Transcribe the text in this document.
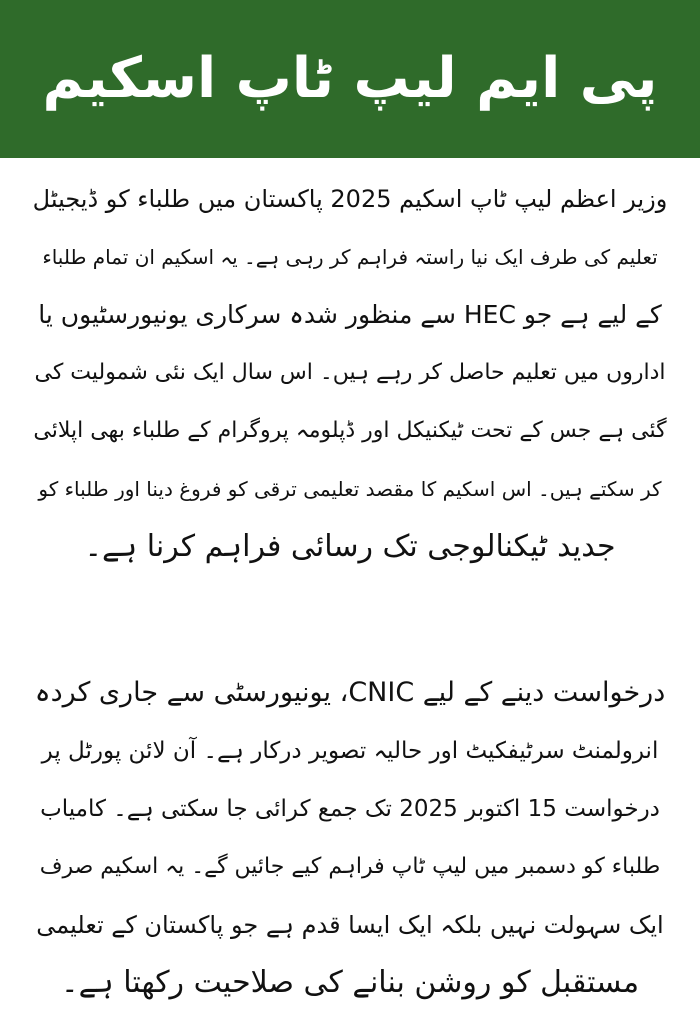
پی ایم لیپ ٹاپ اسکیم
وزیر اعظم لیپ ٹاپ اسکیم 2025 پاکستان میں طلباء کو ڈیجیٹل
تعلیم کی طرف ایک نیا راستہ فراہم کر رہی ہے۔ یہ اسکیم ان تمام طلباء
کے لیے ہے جو HEC سے منظور شدہ سرکاری یونیورسٹیوں یا
اداروں میں تعلیم حاصل کر رہے ہیں۔ اس سال ایک نئی شمولیت کی
گئی ہے جس کے تحت ٹیکنیکل اور ڈپلومہ پروگرام کے طلباء بھی اپلائی
کر سکتے ہیں۔ اس اسکیم کا مقصد تعلیمی ترقی کو فروغ دینا اور طلباء کو
جدید ٹیکنالوجی تک رسائی فراہم کرنا ہے۔
درخواست دینے کے لیے CNIC، یونیورسٹی سے جاری کردہ
انرولمنٹ سرٹیفکیٹ اور حالیہ تصویر درکار ہے۔ آن لائن پورٹل پر
درخواست 15 اکتوبر 2025 تک جمع کرائی جا سکتی ہے۔ کامیاب
طلباء کو دسمبر میں لیپ ٹاپ فراہم کیے جائیں گے۔ یہ اسکیم صرف
ایک سہولت نہیں بلکہ ایک ایسا قدم ہے جو پاکستان کے تعلیمی
مستقبل کو روشن بنانے کی صلاحیت رکھتا ہے۔
